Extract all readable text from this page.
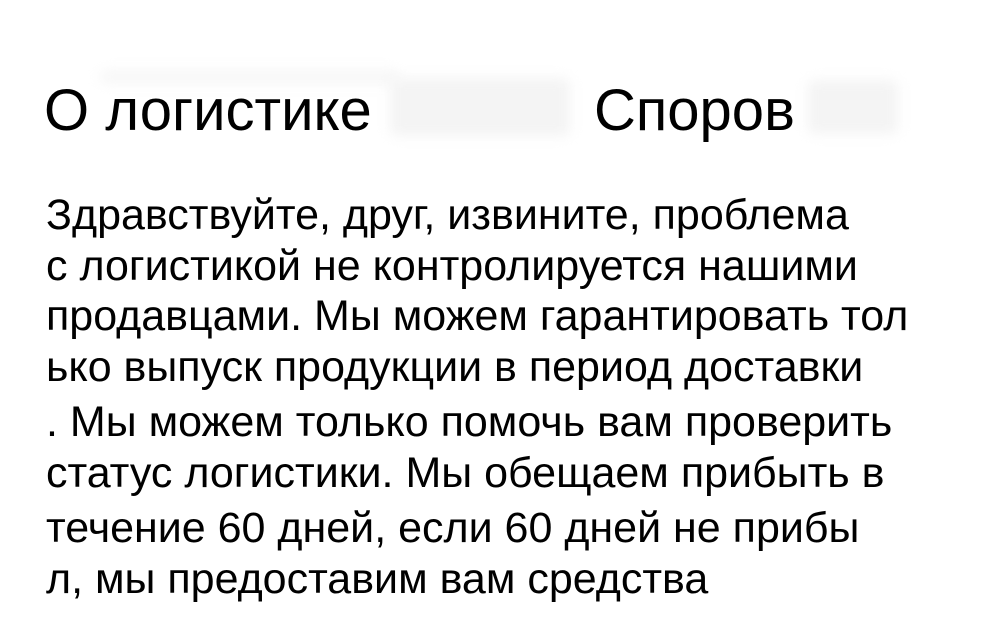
О логистике	Споров
Здравствуйте, друг, извините, проблема
с логистикой не контролируется нашими
продавцами. Мы можем гарантировать тол
ько выпуск продукции в период доставки
. Мы можем только помочь вам проверить
статус логистики. Мы обещаем прибыть в
течение 60 дней, если 60 дней не прибы
л, мы предоставим вам средства
